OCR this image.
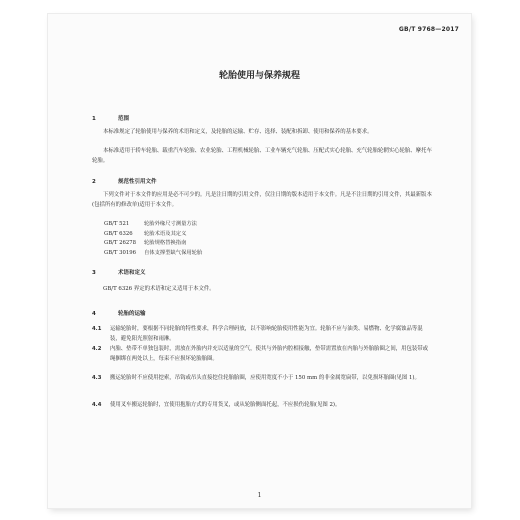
GB/T 9768—2017
轮胎使用与保养规程
1	范围

本标准规定了轮胎使用与保养的术语和定义，及轮胎的运输、贮存、选择、装配和拆卸、使用和保养的基本要求。

本标准适用于轿车轮胎、载重汽车轮胎、农业轮胎、工程机械轮胎、工业车辆充气轮胎、压配式实心轮胎、充气轮胎轮辋实心轮胎、摩托车轮胎。

2	规范性引用文件

下列文件对于本文件的应用是必不可少的。凡是注日期的引用文件，仅注日期的版本适用于本文件。凡是不注日期的引用文件，其最新版本(包括所有的修改单)适用于本文件。

GB/T 521	轮胎外缘尺寸测量方法
GB/T 6326 轮胎术语及其定义
GB/T 26278 轮胎规格替换指南
GB/T 30196 自体支撑型缺气保用轮胎
3	术语和定义

GB/T 6326 界定的术语和定义适用于本文件。

4	轮胎的运输
4.1	运输轮胎时，要根据不同轮胎的特性要求，科学合理码放，以不影响轮胎使用性能为宜。轮胎不应与油类、易燃物、化学腐蚀品等混装，避免阳光照射和雨淋。
4.2	内胎、垫带不单独包装时，需放在外胎内并充以适量的空气，使其与外胎内腔相接触，垫带需置放在内胎与外胎胎圈之间，用包装带或绳捆绑在两处以上，每束不应损坏轮胎胎圈。
4.3	搬运轮胎时不应使用挖索，吊钩或吊头直接挖住轮胎胎圈，应使用宽度不小于 150 mm 的非金属宽扁带，以免损坏胎圈(见图 1)。
4.4	使用叉车搬运轮胎时，宜使用抱胎方式的专用货叉，或从轮胎侧面托起，不应损伤轮胎(见图 2)。
1
